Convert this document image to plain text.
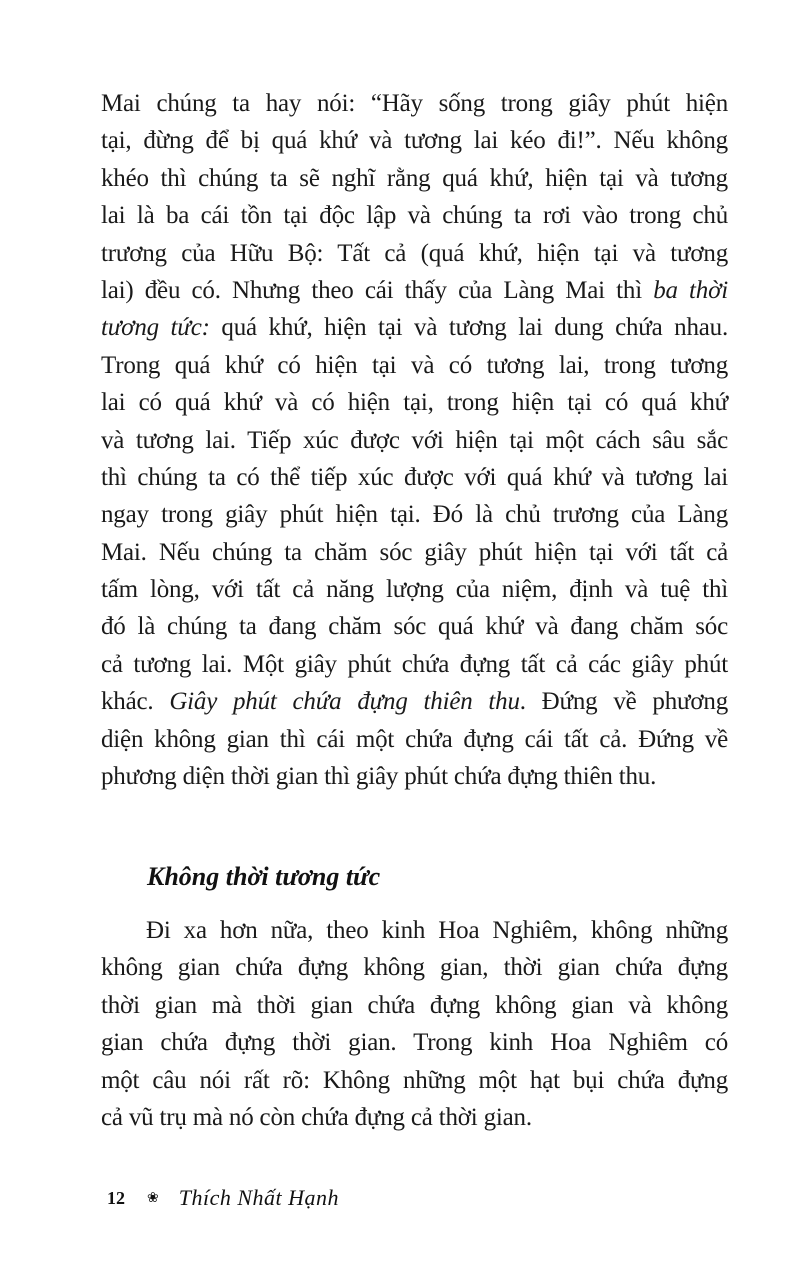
Mai chúng ta hay nói: “Hãy sống trong giây phút hiện
tại, đừng để bị quá khứ và tương lai kéo đi!”. Nếu không
khéo thì chúng ta sẽ nghĩ rằng quá khứ, hiện tại và tương
lai là ba cái tồn tại độc lập và chúng ta rơi vào trong chủ
trương của Hữu Bộ: Tất cả (quá khứ, hiện tại và tương
lai) đều có. Nhưng theo cái thấy của Làng Mai thì ba thời
tương tức: quá khứ, hiện tại và tương lai dung chứa nhau.
Trong quá khứ có hiện tại và có tương lai, trong tương
lai có quá khứ và có hiện tại, trong hiện tại có quá khứ
và tương lai. Tiếp xúc được với hiện tại một cách sâu sắc
thì chúng ta có thể tiếp xúc được với quá khứ và tương lai
ngay trong giây phút hiện tại. Đó là chủ trương của Làng
Mai. Nếu chúng ta chăm sóc giây phút hiện tại với tất cả
tấm lòng, với tất cả năng lượng của niệm, định và tuệ thì
đó là chúng ta đang chăm sóc quá khứ và đang chăm sóc
cả tương lai. Một giây phút chứa đựng tất cả các giây phút
khác. Giây phút chứa đựng thiên thu. Đứng về phương
diện không gian thì cái một chứa đựng cái tất cả. Đứng về
phương diện thời gian thì giây phút chứa đựng thiên thu.
Không thời tương tức
Đi xa hơn nữa, theo kinh Hoa Nghiêm, không những
không gian chứa đựng không gian, thời gian chứa đựng
thời gian mà thời gian chứa đựng không gian và không
gian chứa đựng thời gian. Trong kinh Hoa Nghiêm có
một câu nói rất rõ: Không những một hạt bụi chứa đựng
cả vũ trụ mà nó còn chứa đựng cả thời gian.
12 ❀ Thích Nhất Hạnh
